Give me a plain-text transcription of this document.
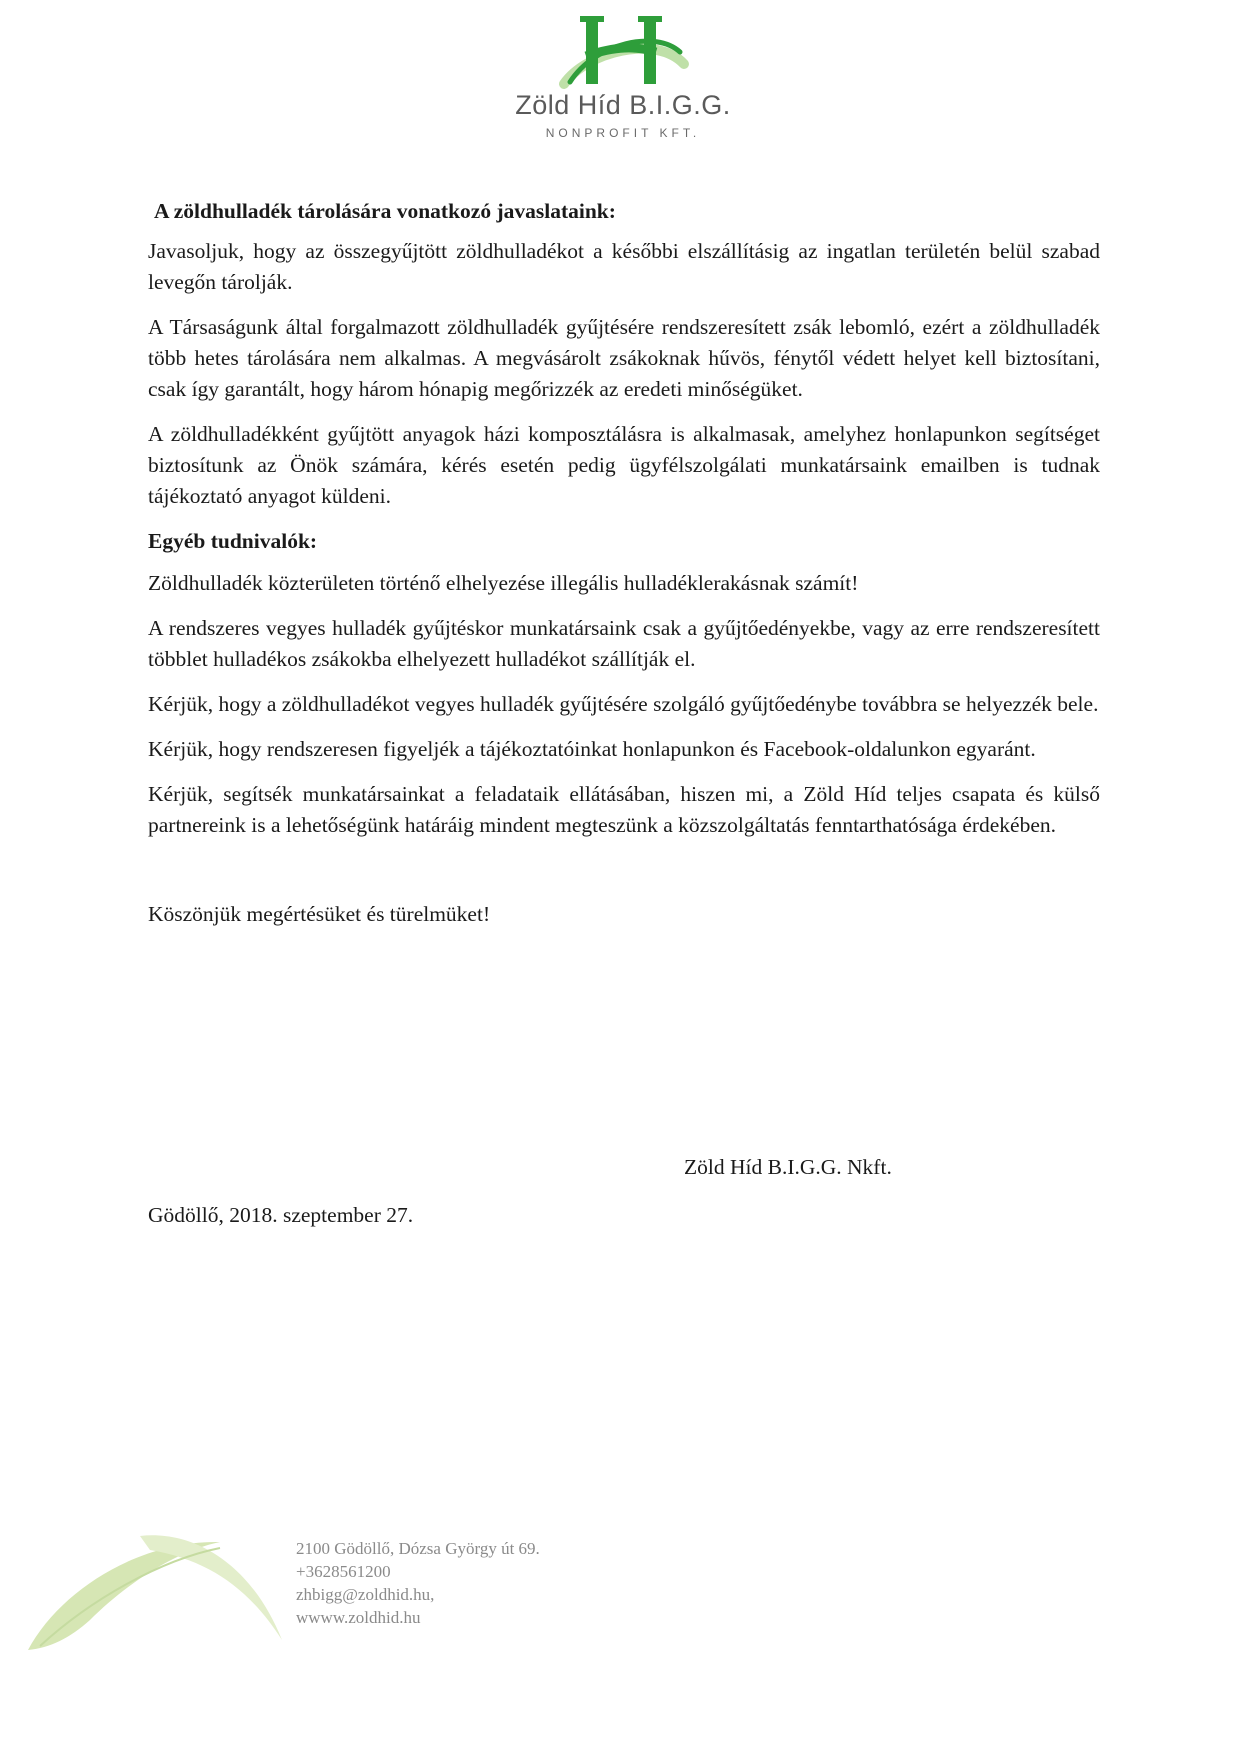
Zöld Híd B.I.G.G.
NONPROFIT KFT.
A zöldhulladék tárolására vonatkozó javaslataink:

Javasoljuk, hogy az összegyűjtött zöldhulladékot a későbbi elszállításig az ingatlan területén belül szabad levegőn tárolják.

A Társaságunk által forgalmazott zöldhulladék gyűjtésére rendszeresített zsák lebomló, ezért a zöldhulladék több hetes tárolására nem alkalmas. A megvásárolt zsákoknak hűvös, fénytől védett helyet kell biztosítani, csak így garantált, hogy három hónapig megőrizzék az eredeti minőségüket.

A zöldhulladékként gyűjtött anyagok házi komposztálásra is alkalmasak, amelyhez honlapunkon segítséget biztosítunk az Önök számára, kérés esetén pedig ügyfélszolgálati munkatársaink emailben is tudnak tájékoztató anyagot küldeni.

Egyéb tudnivalók:

Zöldhulladék közterületen történő elhelyezése illegális hulladéklerakásnak számít!

A rendszeres vegyes hulladék gyűjtéskor munkatársaink csak a gyűjtőedényekbe, vagy az erre rendszeresített többlet hulladékos zsákokba elhelyezett hulladékot szállítják el.

Kérjük, hogy a zöldhulladékot vegyes hulladék gyűjtésére szolgáló gyűjtőedénybe továbbra se helyezzék bele.

Kérjük, hogy rendszeresen figyeljék a tájékoztatóinkat honlapunkon és Facebook-oldalunkon egyaránt.

Kérjük, segítsék munkatársainkat a feladataik ellátásában, hiszen mi, a Zöld Híd teljes csapata és külső partnereink is a lehetőségünk határáig mindent megteszünk a közszolgáltatás fenntarthatósága érdekében.

Köszönjük megértésüket és türelmüket!

Zöld Híd B.I.G.G. Nkft.
Gödöllő, 2018. szeptember 27.
2100 Gödöllő, Dózsa György út 69.
+3628561200
zhbigg@zoldhid.hu,
wwww.zoldhid.hu
